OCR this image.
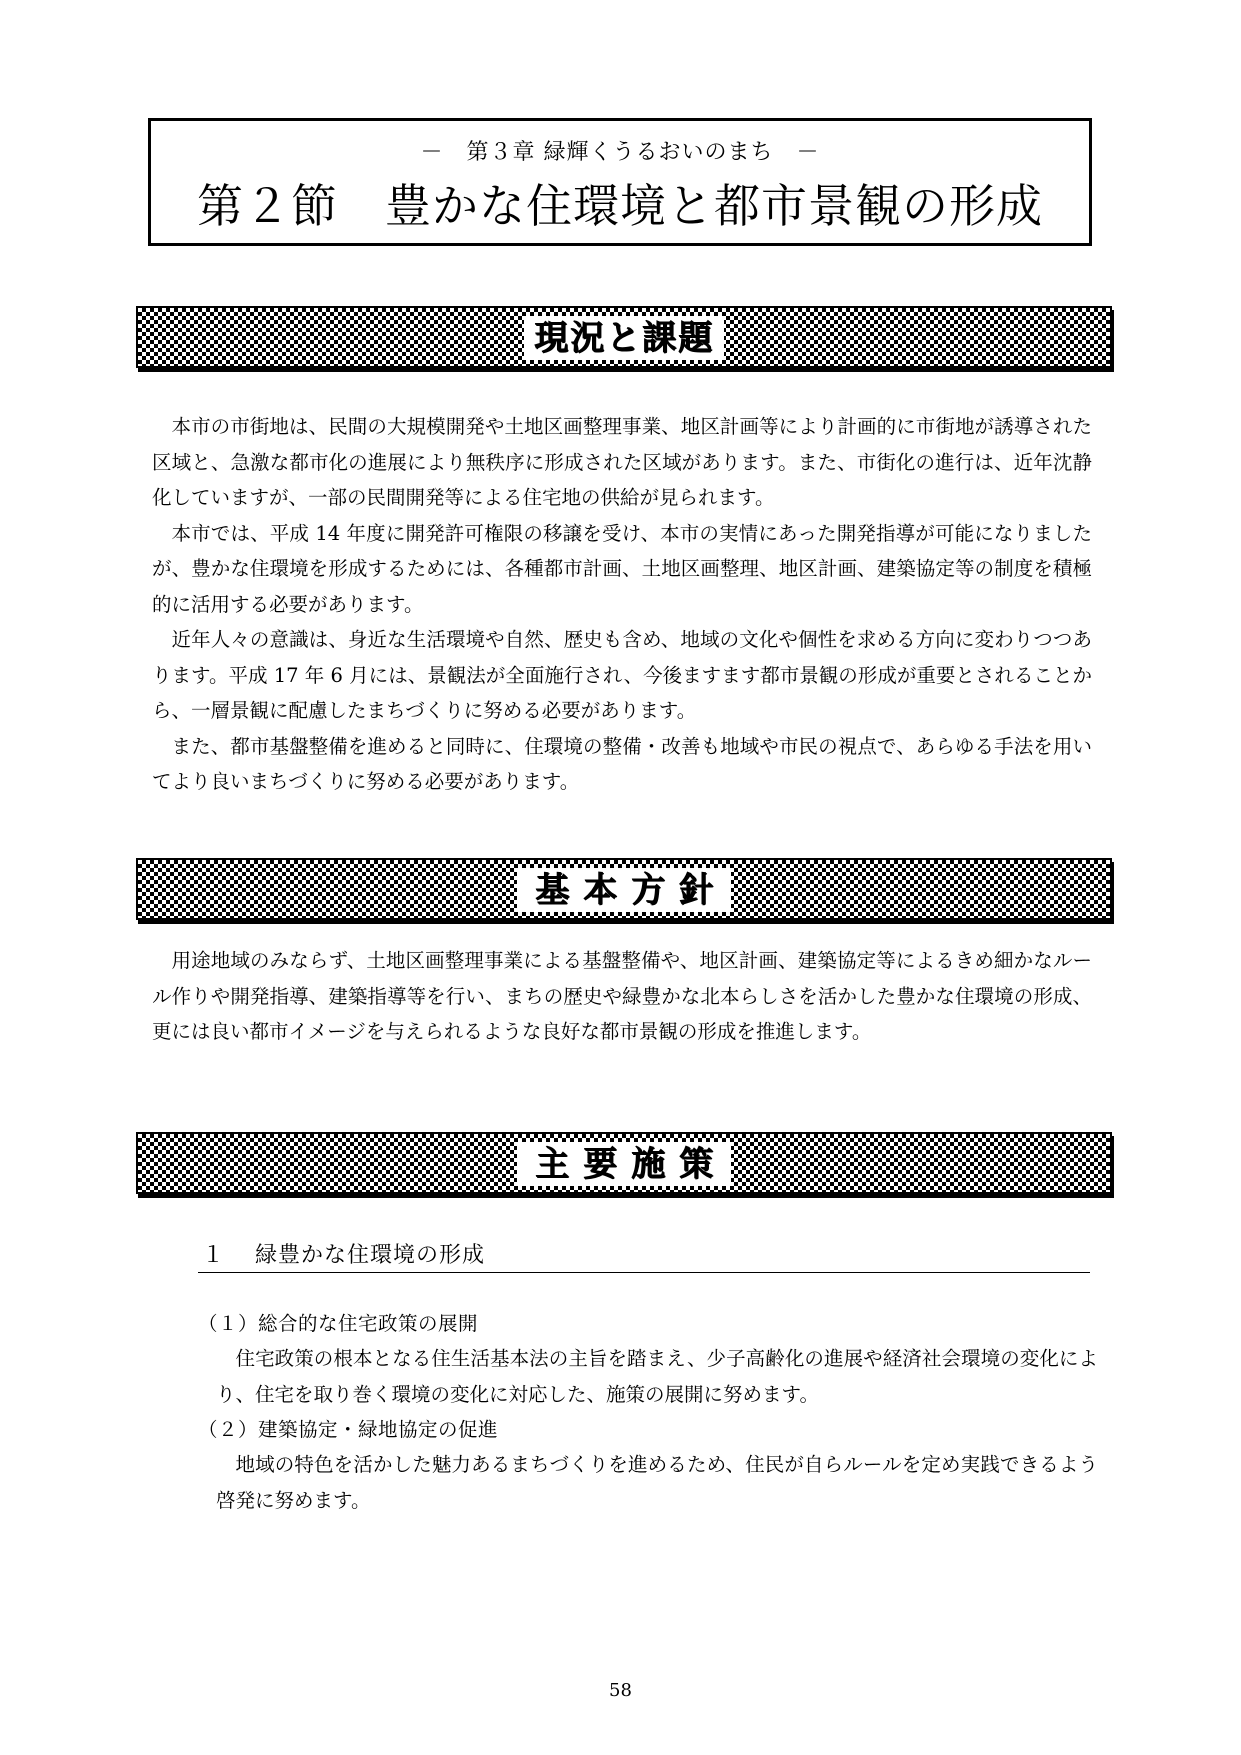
－　第３章 緑輝くうるおいのまち　－
第２節　豊かな住環境と都市景観の形成
現況と課題

本市の市街地は、民間の大規模開発や土地区画整理事業、地区計画等により計画的に市街地が誘導された区域と、急激な都市化の進展により無秩序に形成された区域があります。また、市街化の進行は、近年沈静化していますが、一部の民間開発等による住宅地の供給が見られます。

本市では、平成 14 年度に開発許可権限の移譲を受け、本市の実情にあった開発指導が可能になりましたが、豊かな住環境を形成するためには、各種都市計画、土地区画整理、地区計画、建築協定等の制度を積極的に活用する必要があります。

近年人々の意識は、身近な生活環境や自然、歴史も含め、地域の文化や個性を求める方向に変わりつつあります。平成 17 年 6 月には、景観法が全面施行され、今後ますます都市景観の形成が重要とされることから、一層景観に配慮したまちづくりに努める必要があります。

また、都市基盤整備を進めると同時に、住環境の整備・改善も地域や市民の視点で、あらゆる手法を用いてより良いまちづくりに努める必要があります。

基本方針

用途地域のみならず、土地区画整理事業による基盤整備や、地区計画、建築協定等によるきめ細かなルール作りや開発指導、建築指導等を行い、まちの歴史や緑豊かな北本らしさを活かした豊かな住環境の形成、更には良い都市イメージを与えられるような良好な都市景観の形成を推進します。

主要施策
１ 緑豊かな住環境の形成
（１）総合的な住宅政策の展開
住宅政策の根本となる住生活基本法の主旨を踏まえ、少子高齢化の進展や経済社会環境の変化により、住宅を取り巻く環境の変化に対応した、施策の展開に努めます。
（２）建築協定・緑地協定の促進
地域の特色を活かした魅力あるまちづくりを進めるため、住民が自らルールを定め実践できるよう啓発に努めます。
58
